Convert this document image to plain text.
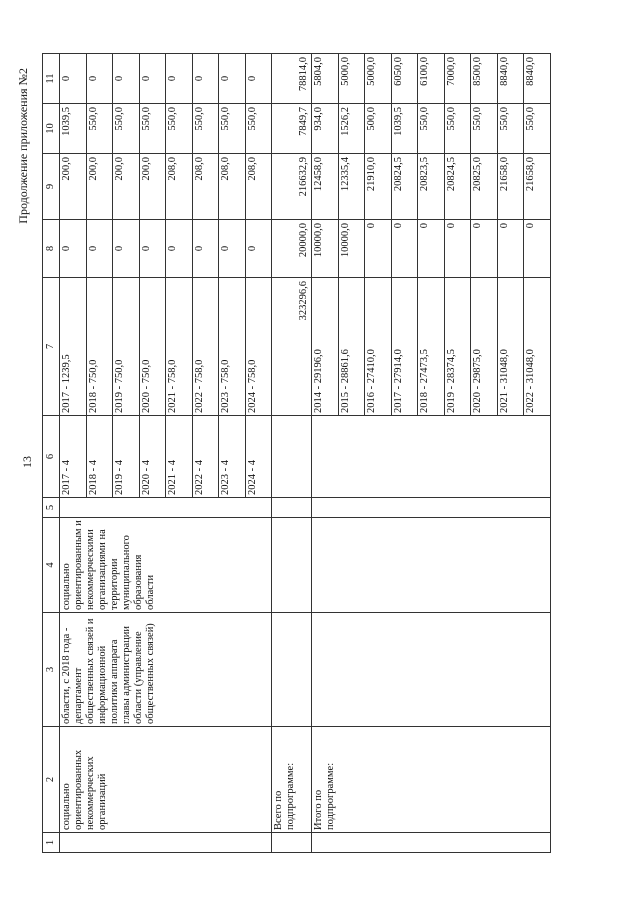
13
Продолжение приложения №2
1	2	3	4	5	6	7	8	9	10	11
	социально ориентированных некоммерческих организаций	области, с 2018 года - департамент общественных связей и информационной политики аппарата главы администрации области (управление общественных связей)	социально ориентированным и некоммерческими организациями на территории муниципального образования области		2017 - 4	2017 - 1239,5	0	200,0	1039,5	0
					2018 - 4	2018 - 750,0	0	200,0	550,0	0
					2019 - 4	2019 - 750,0	0	200,0	550,0	0
					2020 - 4	2020 - 750,0	0	200,0	550,0	0
					2021 - 4	2021 - 758,0	0	208,0	550,0	0
					2022 - 4	2022 - 758,0	0	208,0	550,0	0
					2023 - 4	2023 - 758,0	0	208,0	550,0	0
					2024 - 4	2024 - 758,0	0	208,0	550,0	0
	Всего по подпрограмме:					323296,6	20000,0	216632,9	7849,7	78814,0
	Итого по подпрограмме:					2014 - 29196,0	10000,0	12458,0	934,0	5804,0
						2015 - 28861,6	10000,0	12335,4	1526,2	5000,0
						2016 - 27410,0	0	21910,0	500,0	5000,0
						2017 - 27914,0	0	20824,5	1039,5	6050,0
						2018 - 27473,5	0	20823,5	550,0	6100,0
						2019 - 28374,5	0	20824,5	550,0	7000,0
						2020 - 29875,0	0	20825,0	550,0	8500,0
						2021 - 31048,0	0	21658,0	550,0	8840,0
						2022 - 31048,0	0	21658,0	550,0	8840,0
